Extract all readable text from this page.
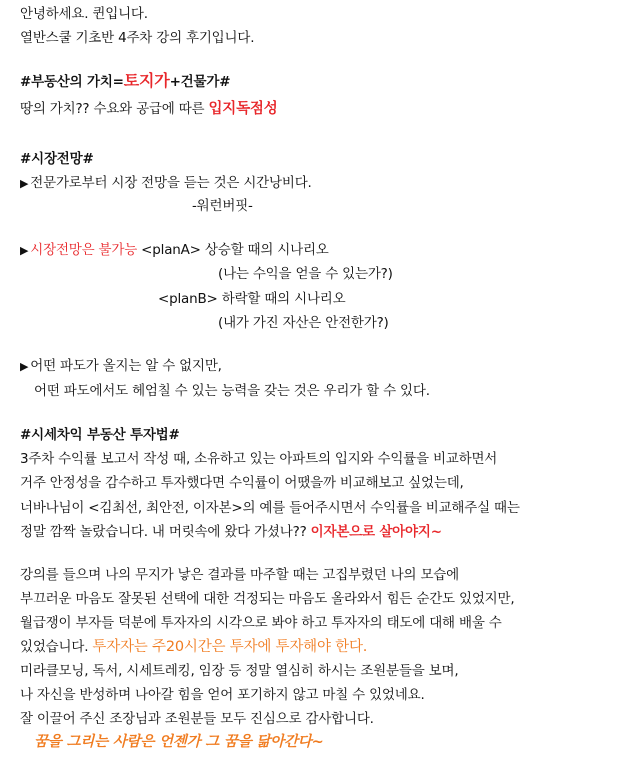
안녕하세요. 퀸입니다.
열반스쿨 기초반 4주차 강의 후기입니다.
#부동산의 가치=토지가+건물가#
땅의 가치?? 수요와 공급에 따른 입지독점성
#시장전망#
▶ 전문가로부터 시장 전망을 듣는 것은 시간낭비다.
-워런버핏-
▶ 시장전망은 불가능 <planA> 상승할 때의 시나리오
(나는 수익을 얻을 수 있는가?)
<planB> 하락할 때의 시나리오
(내가 가진 자산은 안전한가?)
▶ 어떤 파도가 올지는 알 수 없지만,
어떤 파도에서도 헤엄칠 수 있는 능력을 갖는 것은 우리가 할 수 있다.
#시세차익 부동산 투자법#
3주차 수익률 보고서 작성 때, 소유하고 있는 아파트의 입지와 수익률을 비교하면서
거주 안정성을 감수하고 투자했다면 수익률이 어땠을까 비교해보고 싶었는데,
너바나님이 <김최선, 최안전, 이자본>의 예를 들어주시면서 수익률을 비교해주실 때는
정말 깜짝 놀랐습니다. 내 머릿속에 왔다 가셨나?? 이자본으로 살아야지~
강의를 들으며 나의 무지가 낳은 결과를 마주할 때는 고집부렸던 나의 모습에
부끄러운 마음도 잘못된 선택에 대한 걱정되는 마음도 올라와서 힘든 순간도 있었지만,
월급쟁이 부자들 덕분에 투자자의 시각으로 봐야 하고 투자자의 태도에 대해 배울 수
있었습니다. 투자자는 주20시간은 투자에 투자해야 한다.
미라클모닝, 독서, 시세트레킹, 임장 등 정말 열심히 하시는 조원분들을 보며,
나 자신을 반성하며 나아갈 힘을 얻어 포기하지 않고 마칠 수 있었네요.
잘 이끌어 주신 조장님과 조원분들 모두 진심으로 감사합니다.
꿈을 그리는 사람은 언젠가 그 꿈을 닮아간다~
